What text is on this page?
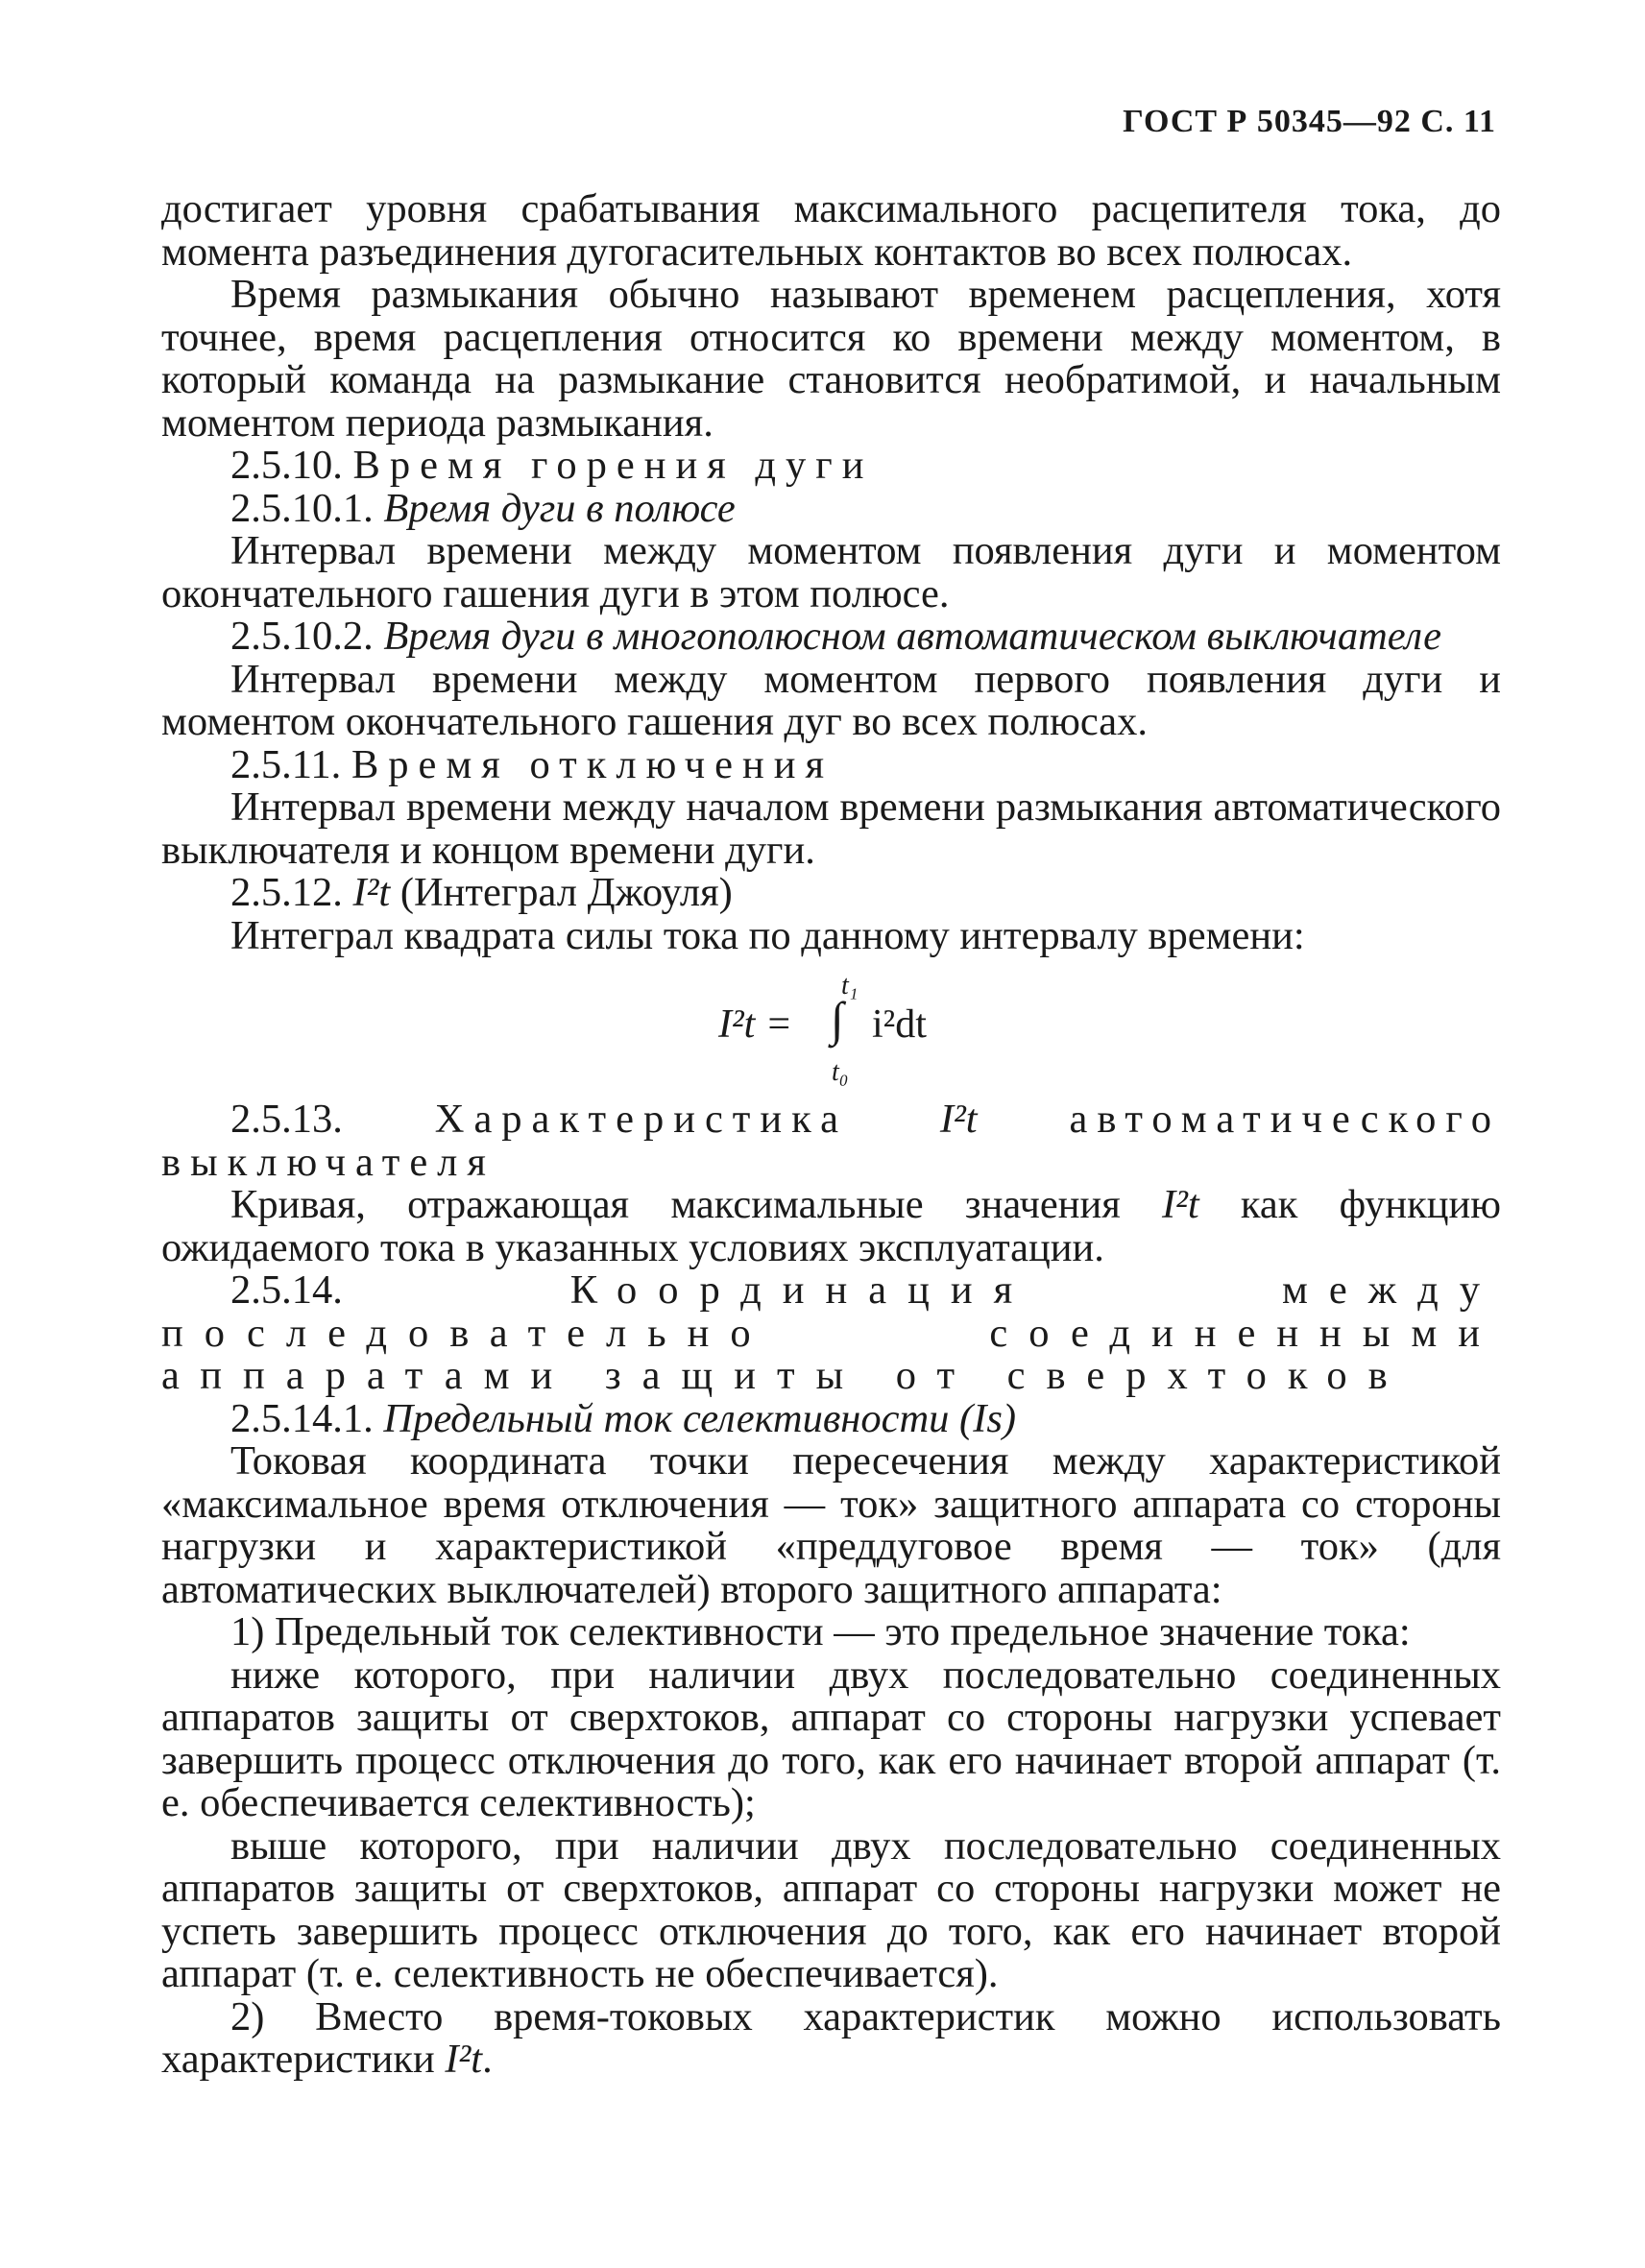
ГОСТ Р 50345—92 С. 11

достигает уровня срабатывания максимального расцепителя тока, до момента разъединения дугогасительных контактов во всех полюсах.

Время размыкания обычно называют временем расцепления, хотя точнее, время расцепления относится ко времени между моментом, в который команда на размыкание становится необратимой, и начальным моментом периода размыкания.

2.5.10. Время горения дуги

2.5.10.1. Время дуги в полюсе

Интервал времени между моментом появления дуги и моментом окончательного гашения дуги в этом полюсе.

2.5.10.2. Время дуги в многополюсном автоматическом выключателе

Интервал времени между моментом первого появления дуги и моментом окончательного гашения дуг во всех полюсах.

2.5.11. Время отключения

Интервал времени между началом времени размыкания автоматического выключателя и концом времени дуги.

2.5.12. I²t (Интеграл Джоуля)

Интеграл квадрата силы тока по данному интервалу времени:

I²t =
t₁
∫
t₀
i²dt

2.5.13. Характеристика I²t автоматического выключателя

Кривая, отражающая максимальные значения I²t как функцию ожидаемого тока в указанных условиях эксплуатации.

2.5.14.	Координация между последовательно соединенными аппаратами защиты от сверхтоков

2.5.14.1. Предельный ток селективности (Is)

Токовая координата точки пересечения между характеристикой «максимальное время отключения — ток» защитного аппарата со стороны нагрузки и характеристикой «преддуговое время — ток» (для автоматических выключателей) второго защитного аппарата:

1) Предельный ток селективности — это предельное значение тока:

ниже которого, при наличии двух последовательно соединенных аппаратов защиты от сверхтоков, аппарат со стороны нагрузки успевает завершить процесс отключения до того, как его начинает второй аппарат (т. е. обеспечивается селективность);

выше которого, при наличии двух последовательно соединенных аппаратов защиты от сверхтоков, аппарат со стороны нагрузки может не успеть завершить процесс отключения до того, как его начинает второй аппарат (т. е. селективность не обеспечивается).

2) Вместо время-токовых характеристик можно использовать характеристики I²t.
